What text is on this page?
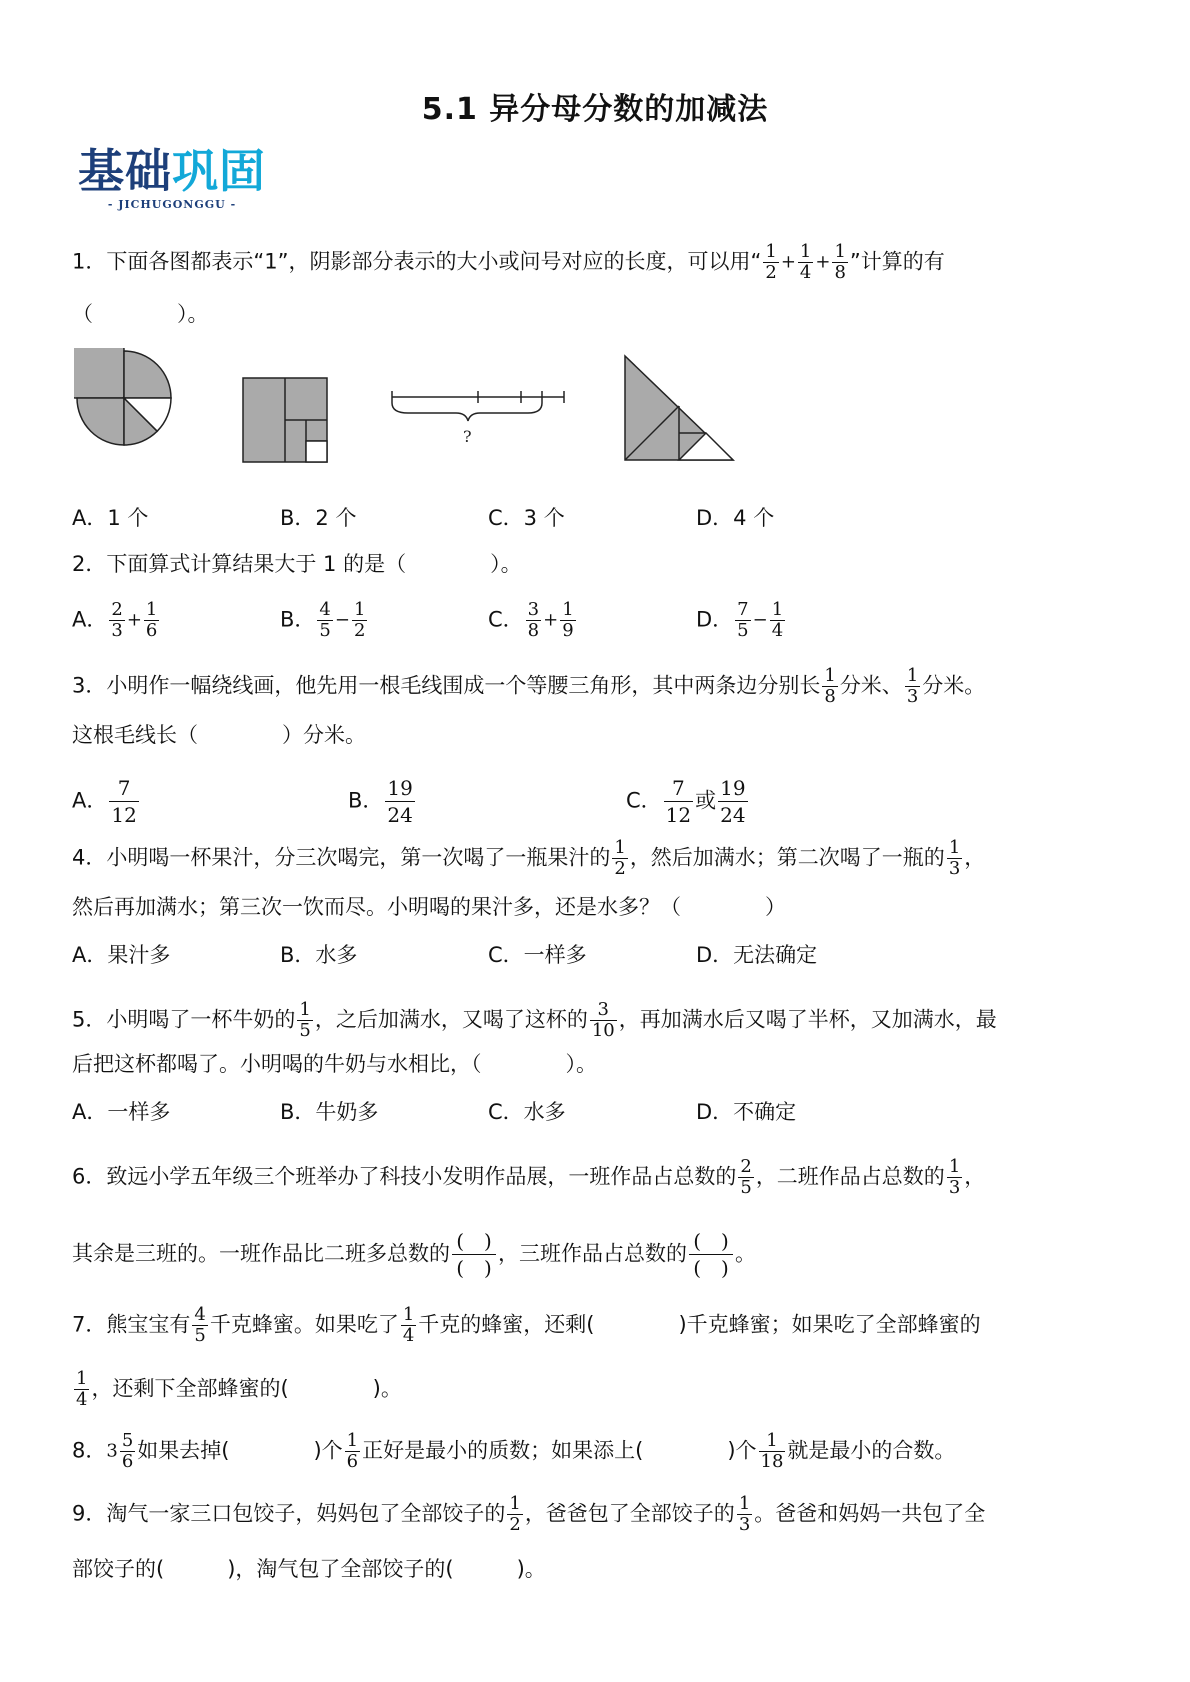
5.1 异分母分数的加减法
基础巩固
- JICHUGONGGU -
1．下面各图都表示“1”，阴影部分表示的大小或问号对应的长度，可以用“ $\frac{1}{2} + \frac{1}{4} + \frac{1}{8}$ ”计算的有
（　　　　）。
?
A．1 个	B．2 个	C．3 个	D．4 个
2．下面算式计算结果大于 1 的是（　　　　）。
A． $\frac{2}{3} + \frac{1}{6}$	B． $\frac{4}{5} - \frac{1}{2}$	C． $\frac{3}{8} + \frac{1}{9}$	D． $\frac{7}{5} - \frac{1}{4}$
3．小明作一幅绕线画，他先用一根毛线围成一个等腰三角形，其中两条边分别长 $\frac{1}{8}$ 分米、 $\frac{1}{3}$ 分米。
这根毛线长（　　　　）分米。
A． $\frac{7}{12}$	B． $\frac{19}{24}$	C． $\frac{7}{12}$ 或 $\frac{19}{24}$
4．小明喝一杯果汁，分三次喝完，第一次喝了一瓶果汁的 $\frac{1}{2}$ ，然后加满水；第二次喝了一瓶的 $\frac{1}{3}$ ，
然后再加满水；第三次一饮而尽。小明喝的果汁多，还是水多？（　　　　）
A．果汁多	B．水多	C．一样多	D．无法确定
5．小明喝了一杯牛奶的 $\frac{1}{5}$ ，之后加满水，又喝了这杯的 $\frac{3}{10}$ ，再加满水后又喝了半杯，又加满水，最
后把这杯都喝了。小明喝的牛奶与水相比，（　　　　）。
A．一样多	B．牛奶多	C．水多	D．不确定
6．致远小学五年级三个班举办了科技小发明作品展，一班作品占总数的 $\frac{2}{5}$ ，二班作品占总数的 $\frac{1}{3}$ ，
其余是三班的。一班作品比二班多总数的 $\frac{( )}{( )}$ ，三班作品占总数的 $\frac{( )}{( )}$ 。
7．熊宝宝有 $\frac{4}{5}$ 千克蜂蜜。如果吃了 $\frac{1}{4}$ 千克的蜂蜜，还剩(　　　　)千克蜂蜜；如果吃了全部蜂蜜的
$\frac{1}{4}$ ，还剩下全部蜂蜜的(　　　　)。
8．$3 \frac{5}{6}$ 如果去掉(　　　　)个 $\frac{1}{6}$ 正好是最小的质数；如果添上(　　　　)个 $\frac{1}{18}$ 就是最小的合数。
9．淘气一家三口包饺子，妈妈包了全部饺子的 $\frac{1}{2}$ ，爸爸包了全部饺子的 $\frac{1}{3}$ 。爸爸和妈妈一共包了全
部饺子的(　　　)，淘气包了全部饺子的(　　　)。
